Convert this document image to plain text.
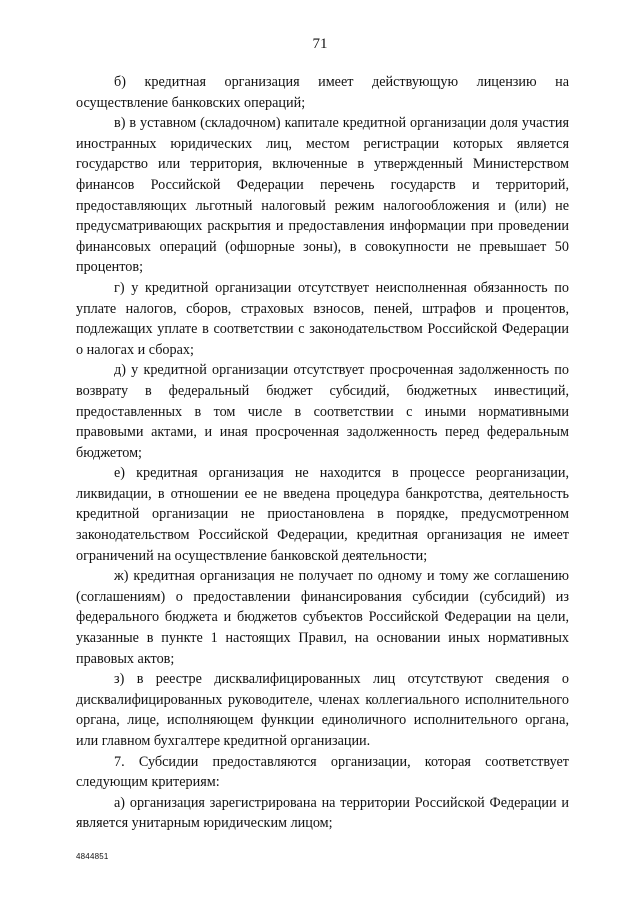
71

б) кредитная организация имеет действующую лицензию на осуществление банковских операций;

в) в уставном (складочном) капитале кредитной организации доля участия иностранных юридических лиц, местом регистрации которых является государство или территория, включенные в утвержденный Министерством финансов Российской Федерации перечень государств и территорий, предоставляющих льготный налоговый режим налогообложения и (или) не предусматривающих раскрытия и предоставления информации при проведении финансовых операций (офшорные зоны), в совокупности не превышает 50 процентов;

г) у кредитной организации отсутствует неисполненная обязанность по уплате налогов, сборов, страховых взносов, пеней, штрафов и процентов, подлежащих уплате в соответствии с законодательством Российской Федерации о налогах и сборах;

д) у кредитной организации отсутствует просроченная задолженность по возврату в федеральный бюджет субсидий, бюджетных инвестиций, предоставленных в том числе в соответствии с иными нормативными правовыми актами, и иная просроченная задолженность перед федеральным бюджетом;

е) кредитная организация не находится в процессе реорганизации, ликвидации, в отношении ее не введена процедура банкротства, деятельность кредитной организации не приостановлена в порядке, предусмотренном законодательством Российской Федерации, кредитная организация не имеет ограничений на осуществление банковской деятельности;

ж) кредитная организация не получает по одному и тому же соглашению (соглашениям) о предоставлении финансирования субсидии (субсидий) из федерального бюджета и бюджетов субъектов Российской Федерации на цели, указанные в пункте 1 настоящих Правил, на основании иных нормативных правовых актов;

з) в реестре дисквалифицированных лиц отсутствуют сведения о дисквалифицированных руководителе, членах коллегиального исполнительного органа, лице, исполняющем функции единоличного исполнительного органа, или главном бухгалтере кредитной организации.

7. Субсидии предоставляются организации, которая соответствует следующим критериям:

а) организация зарегистрирована на территории Российской Федерации и является унитарным юридическим лицом;

4844851
